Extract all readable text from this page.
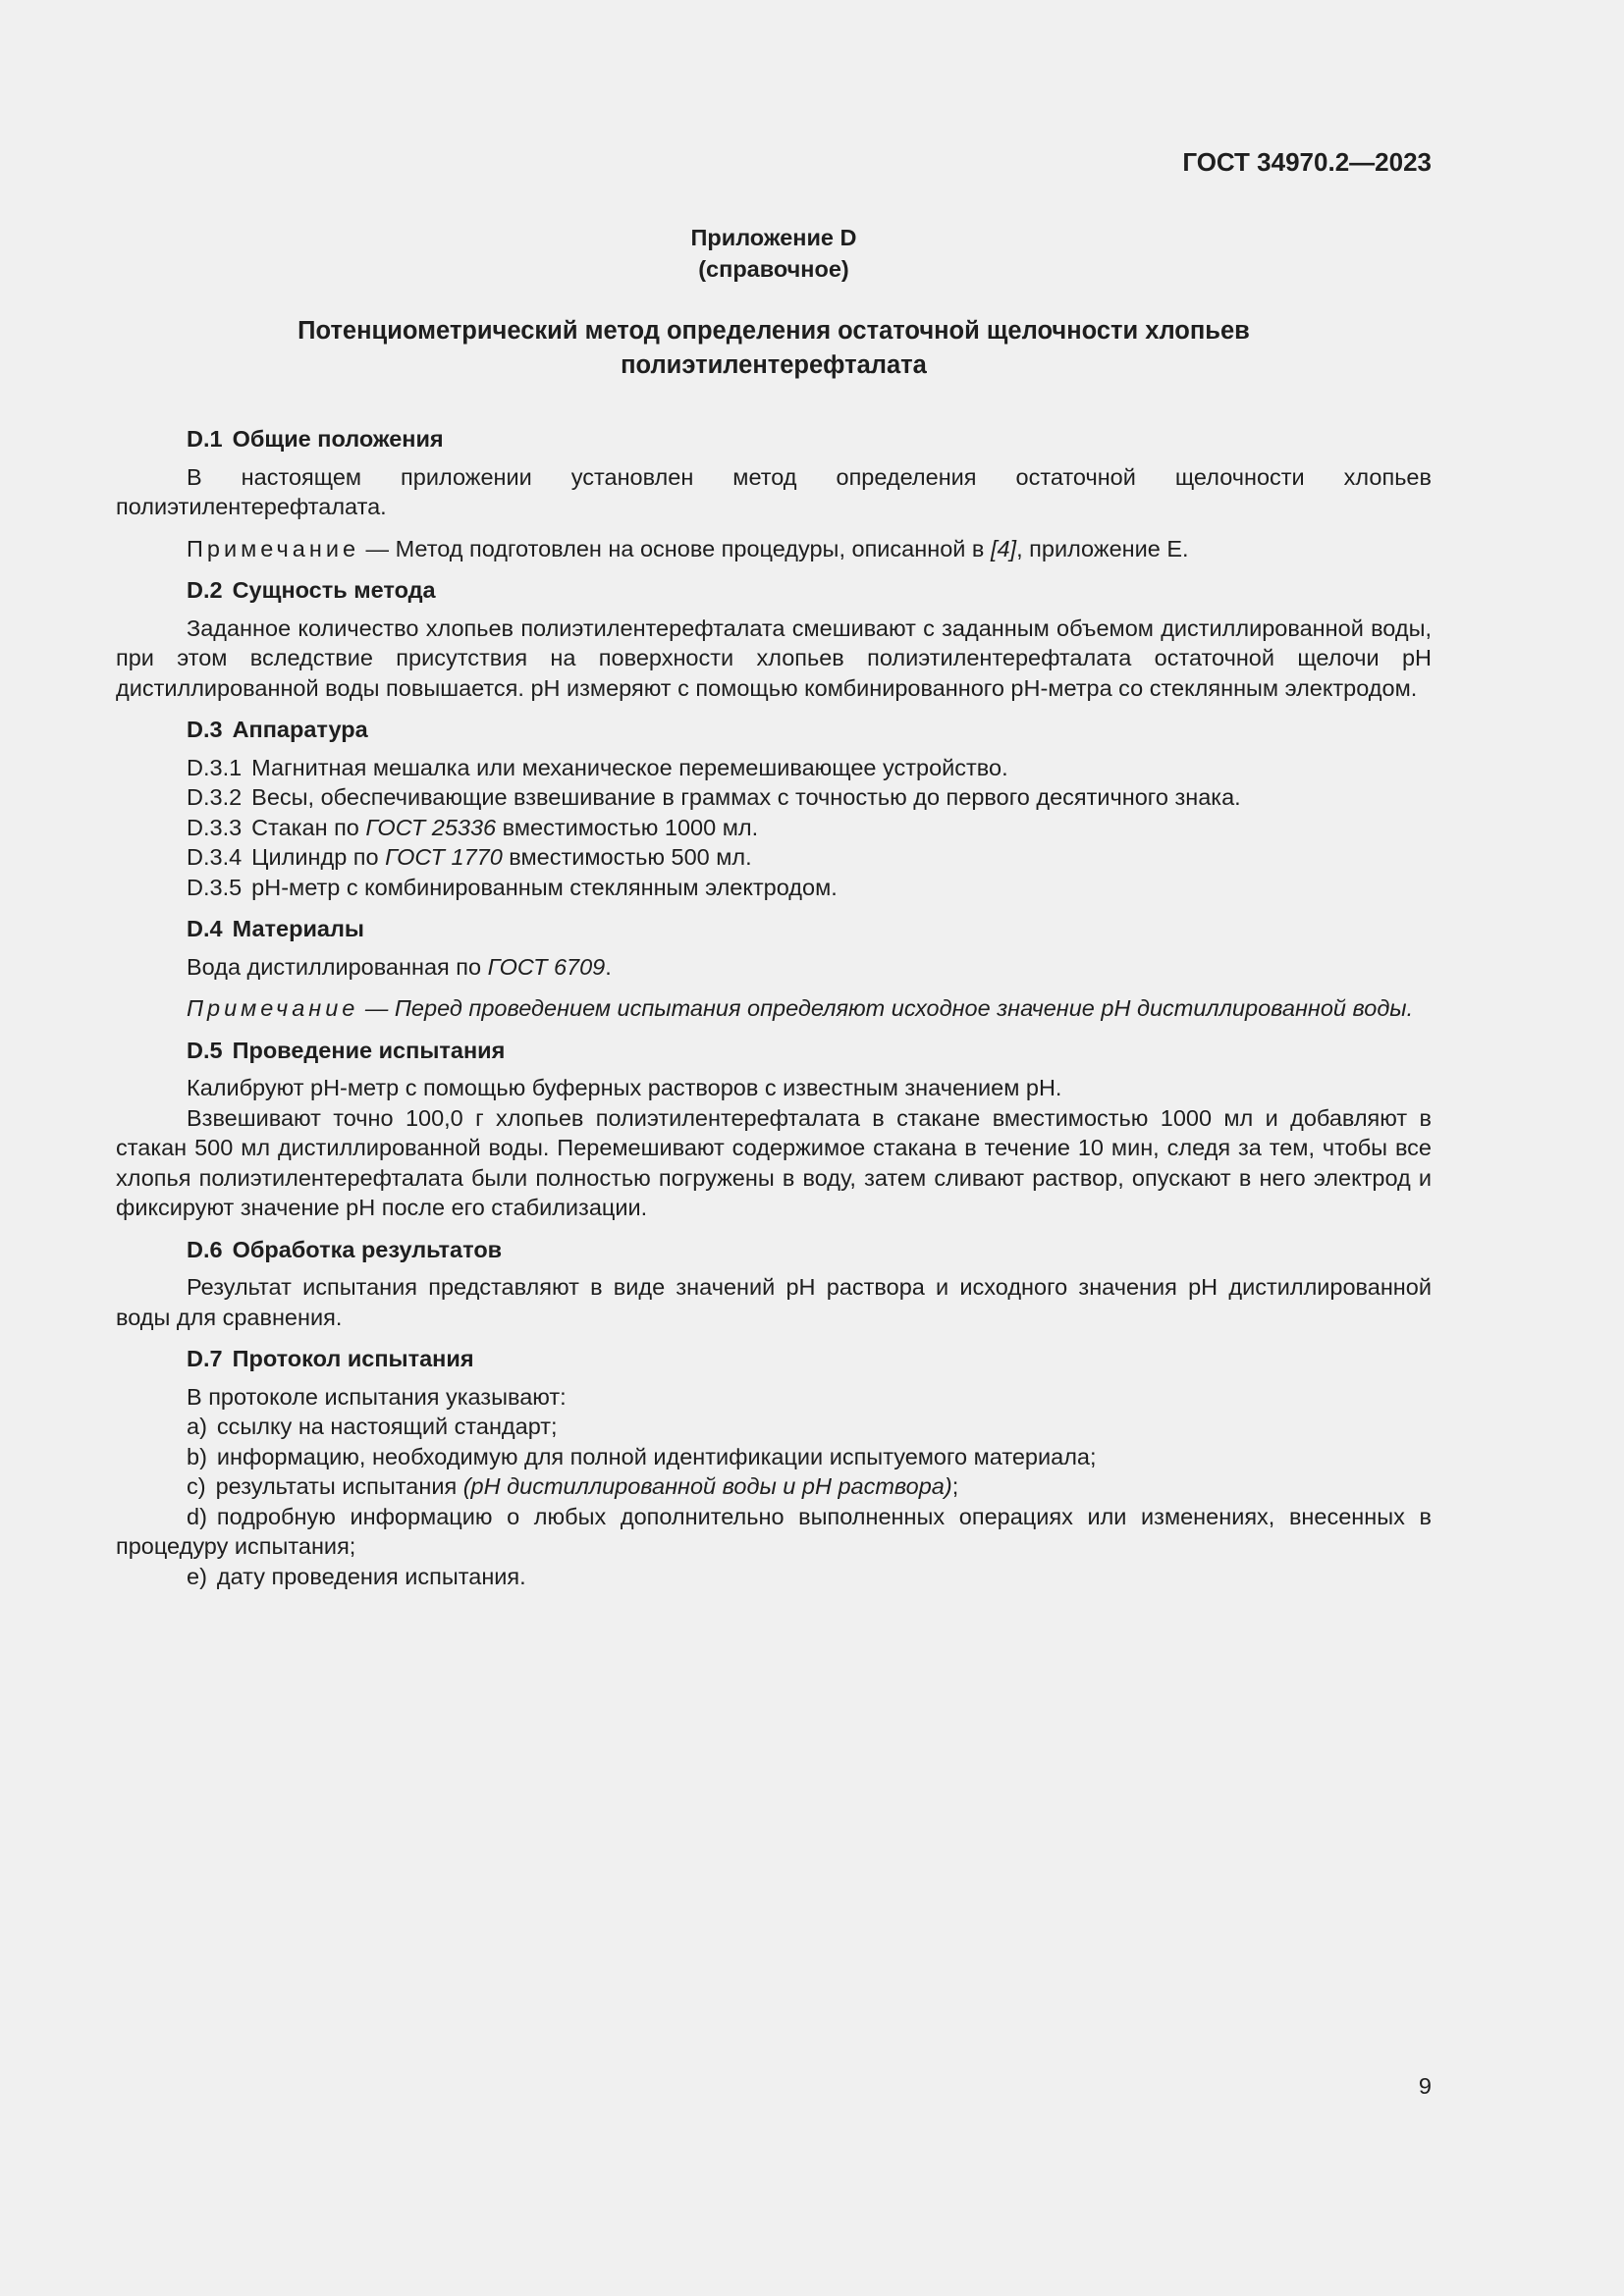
ГОСТ 34970.2—2023
Приложение D
(справочное)
Потенциометрический метод определения остаточной щелочности хлопьев полиэтилентерефталата
D.1 Общие положения

В настоящем приложении установлен метод определения остаточной щелочности хлопьев полиэтилентерефталата.

Примечание — Метод подготовлен на основе процедуры, описанной в [4], приложение Е.

D.2 Сущность метода

Заданное количество хлопьев полиэтилентерефталата смешивают с заданным объемом дистиллированной воды, при этом вследствие присутствия на поверхности хлопьев полиэтилентерефталата остаточной щелочи pH дистиллированной воды повышается. pH измеряют с помощью комбинированного pH-метра со стеклянным электродом.

D.3 Аппаратура
D.3.1 Магнитная мешалка или механическое перемешивающее устройство.
D.3.2 Весы, обеспечивающие взвешивание в граммах с точностью до первого десятичного знака.
D.3.3 Стакан по ГОСТ 25336 вместимостью 1000 мл.
D.3.4 Цилиндр по ГОСТ 1770 вместимостью 500 мл.
D.3.5 pH-метр с комбинированным стеклянным электродом.
D.4 Материалы

Вода дистиллированная по ГОСТ 6709.

Примечание — Перед проведением испытания определяют исходное значение pH дистиллированной воды.

D.5 Проведение испытания

Калибруют pH-метр с помощью буферных растворов с известным значением pH.

Взвешивают точно 100,0 г хлопьев полиэтилентерефталата в стакане вместимостью 1000 мл и добавляют в стакан 500 мл дистиллированной воды. Перемешивают содержимое стакана в течение 10 мин, следя за тем, чтобы все хлопья полиэтилентерефталата были полностью погружены в воду, затем сливают раствор, опускают в него электрод и фиксируют значение pH после его стабилизации.

D.6 Обработка результатов

Результат испытания представляют в виде значений pH раствора и исходного значения pH дистиллированной воды для сравнения.

D.7 Протокол испытания

В протоколе испытания указывают:

a) ссылку на настоящий стандарт;
b) информацию, необходимую для полной идентификации испытуемого материала;
c) результаты испытания (pH дистиллированной воды и pH раствора);
d) подробную информацию о любых дополнительно выполненных операциях или изменениях, внесенных в процедуру испытания;
e) дату проведения испытания.
9
